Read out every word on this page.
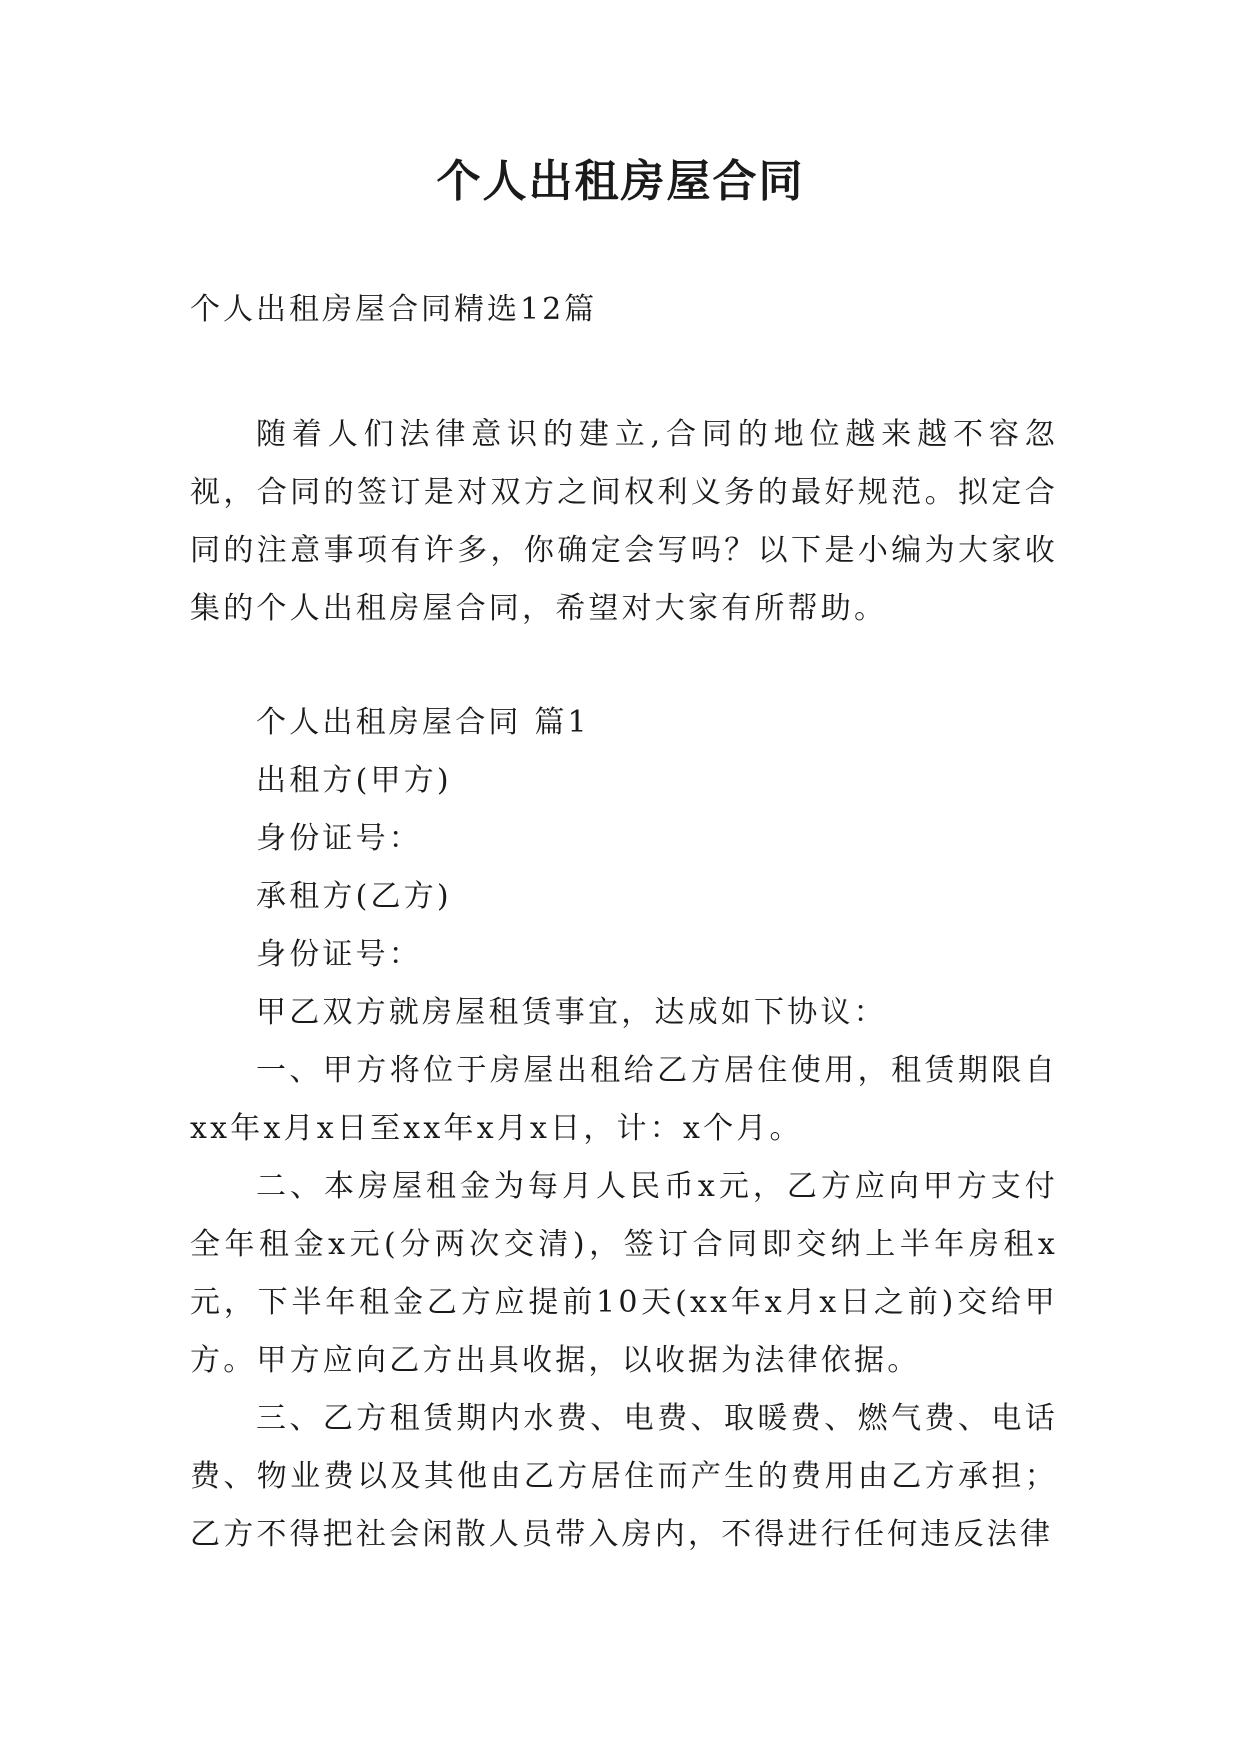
个人出租房屋合同

个人出租房屋合同精选12篇

随着人们法律意识的建立,合同的地位越来越不容忽视，合同的签订是对双方之间权利义务的最好规范。拟定合同的注意事项有许多，你确定会写吗？以下是小编为大家收集的个人出租房屋合同，希望对大家有所帮助。

个人出租房屋合同 篇1

出租方(甲方)

身份证号：

承租方(乙方)

身份证号：

甲乙双方就房屋租赁事宜，达成如下协议：

一、甲方将位于房屋出租给乙方居住使用，租赁期限自xx年x月x日至xx年x月x日，计：x个月。

二、本房屋租金为每月人民币x元，乙方应向甲方支付全年租金x元(分两次交清)，签订合同即交纳上半年房租x元，下半年租金乙方应提前10天(xx年x月x日之前)交给甲方。甲方应向乙方出具收据，以收据为法律依据。

三、乙方租赁期内水费、电费、取暖费、燃气费、电话费、物业费以及其他由乙方居住而产生的费用由乙方承担；乙方不得把社会闲散人员带入房内，不得进行任何违反法律
